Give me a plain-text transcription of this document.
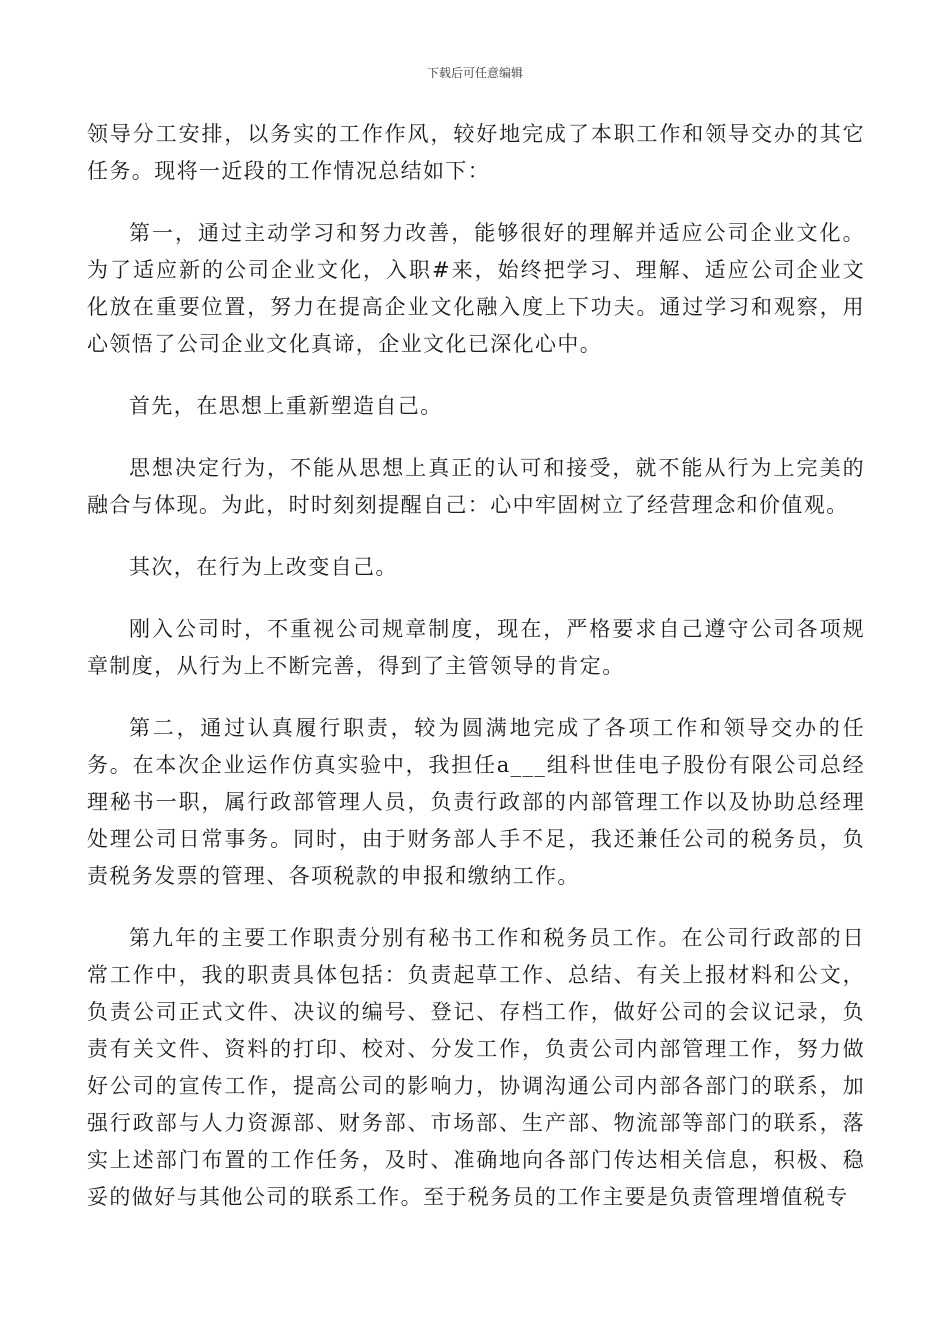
下载后可任意编辑

领导分工安排，以务实的工作作风，较好地完成了本职工作和领导交办的其它任务。现将一近段的工作情况总结如下：

第一，通过主动学习和努力改善，能够很好的理解并适应公司企业文化。为了适应新的公司企业文化，入职#来，始终把学习、理解、适应公司企业文化放在重要位置，努力在提高企业文化融入度上下功夫。通过学习和观察，用心领悟了公司企业文化真谛，企业文化已深化心中。

首先，在思想上重新塑造自己。

思想决定行为，不能从思想上真正的认可和接受，就不能从行为上完美的融合与体现。为此，时时刻刻提醒自己：心中牢固树立了经营理念和价值观。

其次，在行为上改变自己。

刚入公司时，不重视公司规章制度，现在，严格要求自己遵守公司各项规章制度，从行为上不断完善，得到了主管领导的肯定。

第二，通过认真履行职责，较为圆满地完成了各项工作和领导交办的任务。在本次企业运作仿真实验中，我担任a___组科世佳电子股份有限公司总经理秘书一职，属行政部管理人员，负责行政部的内部管理工作以及协助总经理处理公司日常事务。同时，由于财务部人手不足，我还兼任公司的税务员，负责税务发票的管理、各项税款的申报和缴纳工作。

第九年的主要工作职责分别有秘书工作和税务员工作。在公司行政部的日常工作中，我的职责具体包括：负责起草工作、总结、有关上报材料和公文，负责公司正式文件、决议的编号、登记、存档工作，做好公司的会议记录，负责有关文件、资料的打印、校对、分发工作，负责公司内部管理工作，努力做好公司的宣传工作，提高公司的影响力，协调沟通公司内部各部门的联系，加强行政部与人力资源部、财务部、市场部、生产部、物流部等部门的联系，落实上述部门布置的工作任务，及时、准确地向各部门传达相关信息，积极、稳妥的做好与其他公司的联系工作。至于税务员的工作主要是负责管理增值税专
